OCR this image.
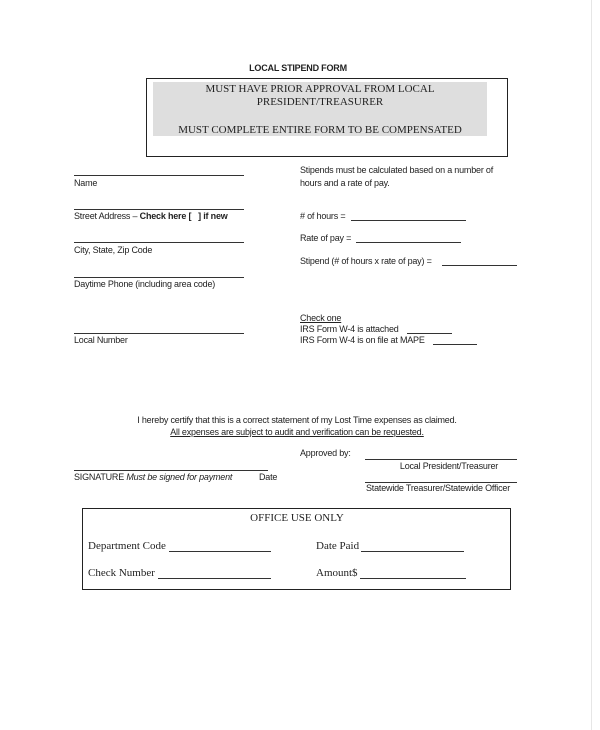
LOCAL STIPEND FORM
MUST HAVE PRIOR APPROVAL FROM LOCAL
PRESIDENT/TREASURER
MUST COMPLETE ENTIRE FORM TO BE COMPENSATED
Name
Street Address – Check here [   ] if new
City, State, Zip Code
Daytime Phone (including area code)
Local Number
Stipends must be calculated based on a number of
hours and a rate of pay.
# of hours =
Rate of pay =
Stipend (# of hours x rate of pay) =
Check one
IRS Form W-4 is attached
IRS Form W-4 is on file at MAPE
I hereby certify that this is a correct statement of my Lost Time expenses as claimed.
All expenses are subject to audit and verification can be requested.
Approved by:
Local President/Treasurer
Statewide Treasurer/Statewide Officer
SIGNATURE Must be signed for payment	Date
OFFICE USE ONLY
Department Code	Date Paid
Check Number	Amount$
